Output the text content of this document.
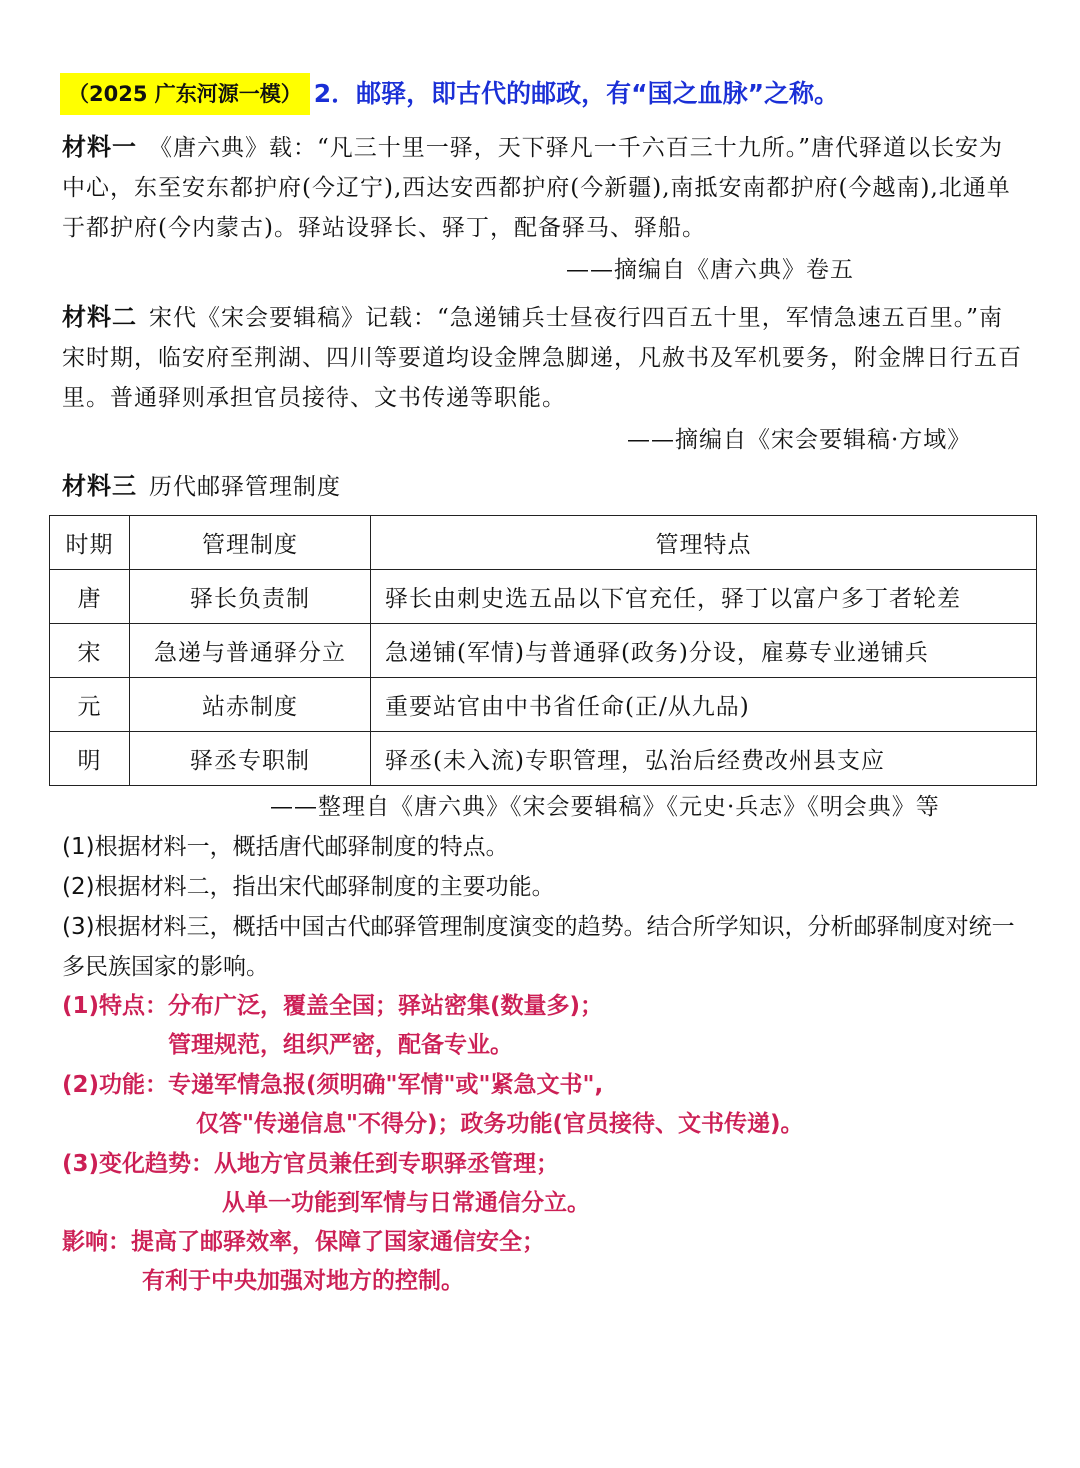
（2025 广东河源一模） 2．邮驿，即古代的邮政，有“国之血脉”之称。
材料一 《唐六典》载：“凡三十里一驿，天下驿凡一千六百三十九所。”唐代驿道以长安为中心，东至安东都护府(今辽宁),西达安西都护府(今新疆),南抵安南都护府(今越南),北通单于都护府(今内蒙古)。驿站设驿长、驿丁，配备驿马、驿船。
——摘编自《唐六典》卷五
材料二 宋代《宋会要辑稿》记载：“急递铺兵士昼夜行四百五十里，军情急速五百里。”南宋时期，临安府至荆湖、四川等要道均设金牌急脚递，凡赦书及军机要务，附金牌日行五百里。普通驿则承担官员接待、文书传递等职能。
——摘编自《宋会要辑稿·方域》
材料三 历代邮驿管理制度
时期	管理制度	管理特点
唐	驿长负责制	驿长由刺史选五品以下官充任，驿丁以富户多丁者轮差
宋	急递与普通驿分立	急递铺(军情)与普通驿(政务)分设，雇募专业递铺兵
元	站赤制度	重要站官由中书省任命(正/从九品)
明	驿丞专职制	驿丞(未入流)专职管理，弘治后经费改州县支应
——整理自《唐六典》《宋会要辑稿》《元史·兵志》《明会典》等
(1)根据材料一，概括唐代邮驿制度的特点。
(2)根据材料二，指出宋代邮驿制度的主要功能。
(3)根据材料三，概括中国古代邮驿管理制度演变的趋势。结合所学知识，分析邮驿制度对统一多民族国家的影响。
(1)特点：分布广泛，覆盖全国；驿站密集(数量多)；
管理规范，组织严密，配备专业。
(2)功能：专递军情急报(须明确"军情"或"紧急文书",
仅答"传递信息"不得分)；政务功能(官员接待、文书传递)。
(3)变化趋势：从地方官员兼任到专职驿丞管理；
从单一功能到军情与日常通信分立。
影响：提高了邮驿效率，保障了国家通信安全；
有利于中央加强对地方的控制。
